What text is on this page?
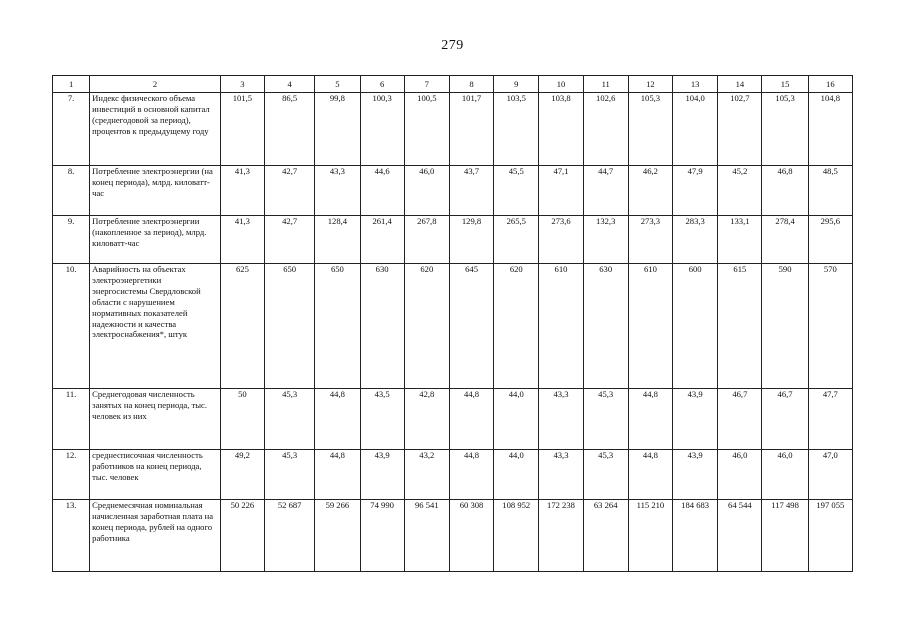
279
1	2	3	4	5	6	7	8	9	10	11	12	13	14	15	16
7.	Индекс физического объема инвестиций в основной капитал (среднегодовой за период), процентов к предыдущему году	101,5	86,5	99,8	100,3	100,5	101,7	103,5	103,8	102,6	105,3	104,0	102,7	105,3	104,8
8.	Потребление электроэнергии (на конец периода), млрд. киловатт-час	41,3	42,7	43,3	44,6	46,0	43,7	45,5	47,1	44,7	46,2	47,9	45,2	46,8	48,5
9.	Потребление электроэнергии (накопленное за период), млрд. киловатт-час	41,3	42,7	128,4	261,4	267,8	129,8	265,5	273,6	132,3	273,3	283,3	133,1	278,4	295,6
10.	Аварийность на объектах электроэнергетики энергосистемы Свердловской области с нарушением нормативных показателей надежности и качества электроснабжения*, штук	625	650	650	630	620	645	620	610	630	610	600	615	590	570
11.	Среднегодовая численность занятых на конец периода, тыс. человек из них	50	45,3	44,8	43,5	42,8	44,8	44,0	43,3	45,3	44,8	43,9	46,7	46,7	47,7
12.	среднесписочная численность работников на конец периода, тыс. человек	49,2	45,3	44,8	43,9	43,2	44,8	44,0	43,3	45,3	44,8	43,9	46,0	46,0	47,0
13.	Среднемесячная номинальная начисленная заработная плата на конец периода, рублей на одного работника	50 226	52 687	59 266	74 990	96 541	60 308	108 952	172 238	63 264	115 210	184 683	64 544	117 498	197 055
